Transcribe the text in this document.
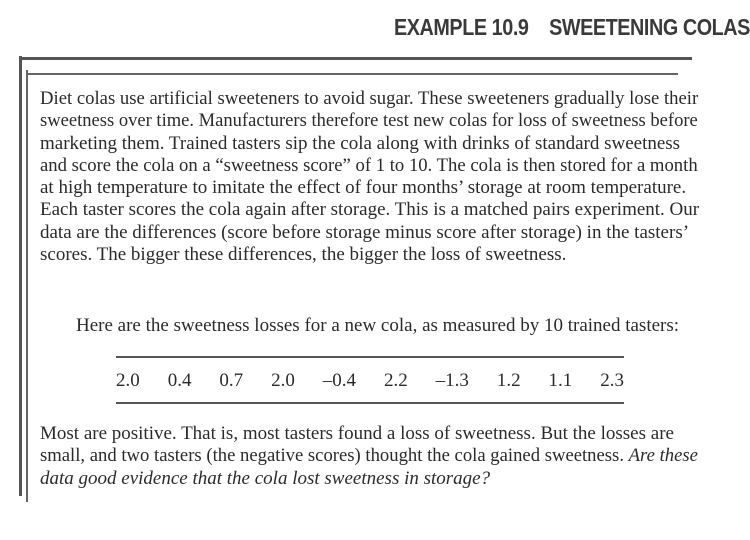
EXAMPLE 10.9 SWEETENING COLAS

Diet colas use artificial sweeteners to avoid sugar. These sweeteners gradually lose their
sweetness over time. Manufacturers therefore test new colas for loss of sweetness before
marketing them. Trained tasters sip the cola along with drinks of standard sweetness
and score the cola on a “sweetness score” of 1 to 10. The cola is then stored for a month
at high temperature to imitate the effect of four months’ storage at room temperature.
Each taster scores the cola again after storage. This is a matched pairs experiment. Our
data are the differences (score before storage minus score after storage) in the tasters’
scores. The bigger these differences, the bigger the loss of sweetness.

Here are the sweetness losses for a new cola, as measured by 10 trained tasters:

2.0 0.4 0.7 2.0 –0.4 2.2 –1.3 1.2 1.1 2.3

Most are positive. That is, most tasters found a loss of sweetness. But the losses are
small, and two tasters (the negative scores) thought the cola gained sweetness. Are these
data good evidence that the cola lost sweetness in storage?
